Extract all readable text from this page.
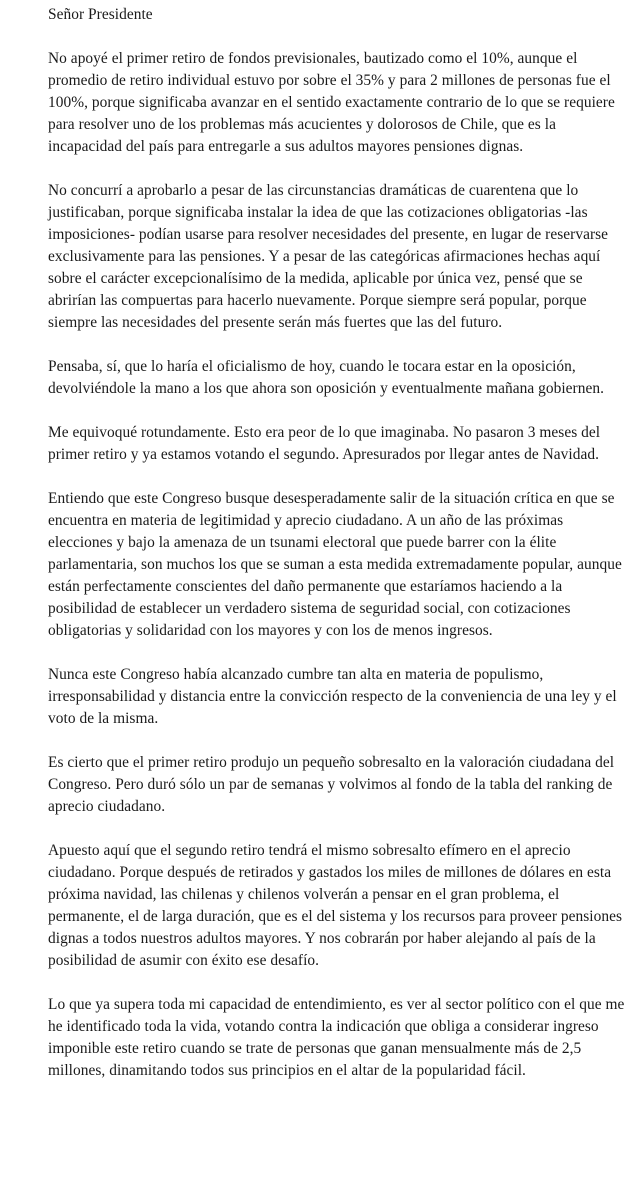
Señor Presidente

No apoyé el primer retiro de fondos previsionales, bautizado como el 10%, aunque el promedio de retiro individual estuvo por sobre el 35% y para 2 millones de personas fue el 100%, porque significaba avanzar en el sentido exactamente contrario de lo que se requiere para resolver uno de los problemas más acucientes y dolorosos de Chile, que es la incapacidad del país para entregarle a sus adultos mayores pensiones dignas.

No concurrí a aprobarlo a pesar de las circunstancias dramáticas de cuarentena que lo justificaban, porque significaba instalar la idea de que las cotizaciones obligatorias -las imposiciones- podían usarse para resolver necesidades del presente, en lugar de reservarse exclusivamente para las pensiones. Y a pesar de las categóricas afirmaciones hechas aquí sobre el carácter excepcionalísimo de la medida, aplicable por única vez, pensé que se abrirían las compuertas para hacerlo nuevamente. Porque siempre será popular, porque siempre las necesidades del presente serán más fuertes que las del futuro.

Pensaba, sí, que lo haría el oficialismo de hoy, cuando le tocara estar en la oposición, devolviéndole la mano a los que ahora son oposición y eventualmente mañana gobiernen.

Me equivoqué rotundamente. Esto era peor de lo que imaginaba. No pasaron 3 meses del primer retiro y ya estamos votando el segundo. Apresurados por llegar antes de Navidad.

Entiendo que este Congreso busque desesperadamente salir de la situación crítica en que se encuentra en materia de legitimidad y aprecio ciudadano. A un año de las próximas elecciones y bajo la amenaza de un tsunami electoral que puede barrer con la élite parlamentaria, son muchos los que se suman a esta medida extremadamente popular, aunque están perfectamente conscientes del daño permanente que estaríamos haciendo a la posibilidad de establecer un verdadero sistema de seguridad social, con cotizaciones obligatorias y solidaridad con los mayores y con los de menos ingresos.

Nunca este Congreso había alcanzado cumbre tan alta en materia de populismo, irresponsabilidad y distancia entre la convicción respecto de la conveniencia de una ley y el voto de la misma.

Es cierto que el primer retiro produjo un pequeño sobresalto en la valoración ciudadana del Congreso. Pero duró sólo un par de semanas y volvimos al fondo de la tabla del ranking de aprecio ciudadano.

Apuesto aquí que el segundo retiro tendrá el mismo sobresalto efímero en el aprecio ciudadano. Porque después de retirados y gastados los miles de millones de dólares en esta próxima navidad, las chilenas y chilenos volverán a pensar en el gran problema, el permanente, el de larga duración, que es el del sistema y los recursos para proveer pensiones dignas a todos nuestros adultos mayores. Y nos cobrarán por haber alejando al país de la posibilidad de asumir con éxito ese desafío.

Lo que ya supera toda mi capacidad de entendimiento, es ver al sector político con el que me he identificado toda la vida, votando contra la indicación que obliga a considerar ingreso imponible este retiro cuando se trate de personas que ganan mensualmente más de 2,5 millones, dinamitando todos sus principios en el altar de la popularidad fácil.
